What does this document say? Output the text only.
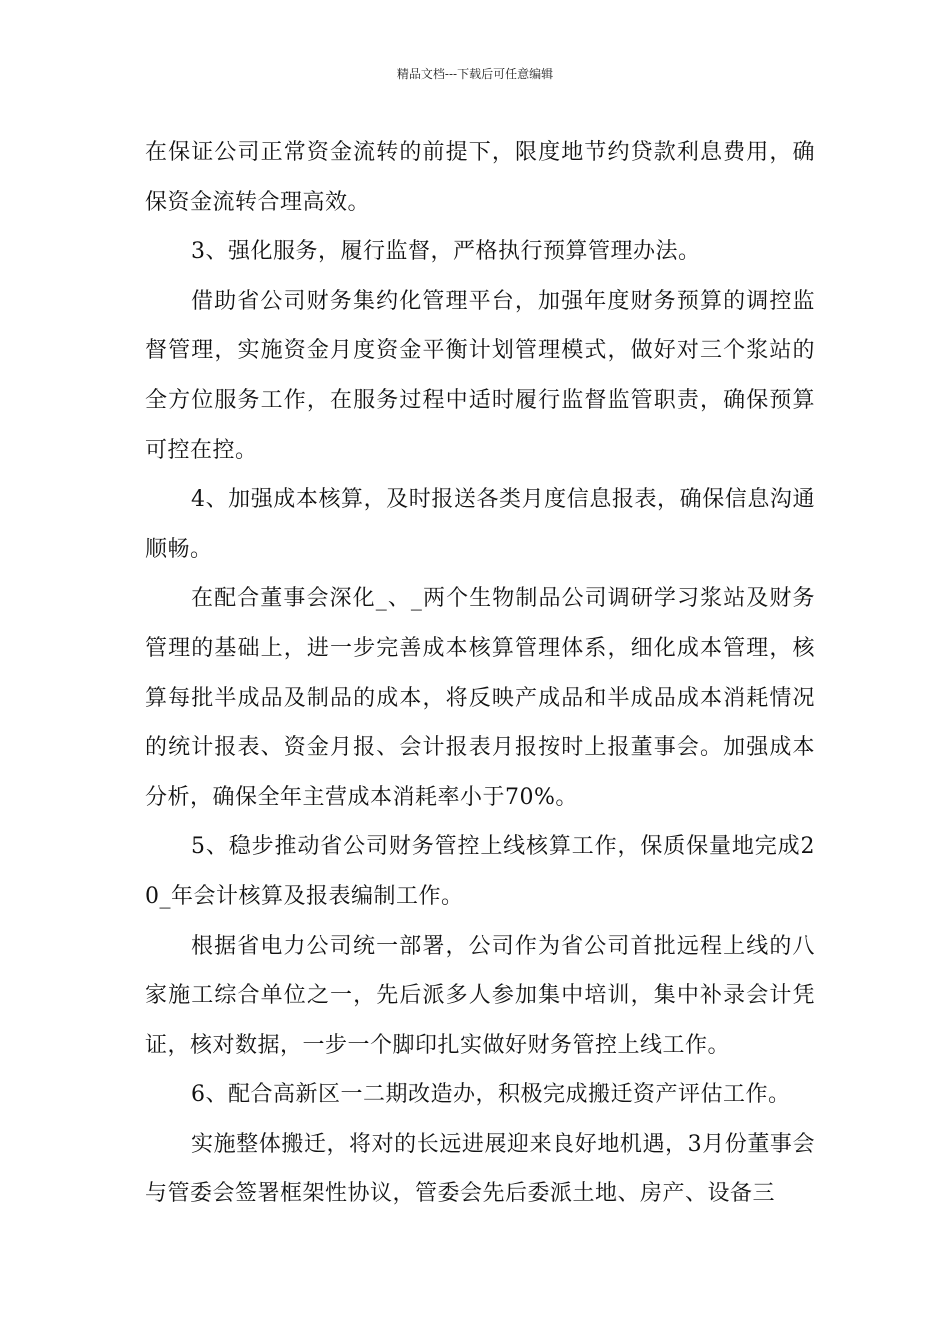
精品文档---下载后可任意编辑

在保证公司正常资金流转的前提下，限度地节约贷款利息费用，确保资金流转合理高效。

3、强化服务，履行监督，严格执行预算管理办法。

借助省公司财务集约化管理平台，加强年度财务预算的调控监督管理，实施资金月度资金平衡计划管理模式，做好对三个浆站的全方位服务工作，在服务过程中适时履行监督监管职责，确保预算可控在控。

4、加强成本核算，及时报送各类月度信息报表，确保信息沟通顺畅。

在配合董事会深化_、_两个生物制品公司调研学习浆站及财务管理的基础上，进一步完善成本核算管理体系，细化成本管理，核算每批半成品及制品的成本，将反映产成品和半成品成本消耗情况的统计报表、资金月报、会计报表月报按时上报董事会。加强成本分析，确保全年主营成本消耗率小于70%。

5、稳步推动省公司财务管控上线核算工作，保质保量地完成20_年会计核算及报表编制工作。

根据省电力公司统一部署，公司作为省公司首批远程上线的八家施工综合单位之一，先后派多人参加集中培训，集中补录会计凭证，核对数据，一步一个脚印扎实做好财务管控上线工作。

6、配合高新区一二期改造办，积极完成搬迁资产评估工作。

实施整体搬迁，将对的长远进展迎来良好地机遇，3月份董事会与管委会签署框架性协议，管委会先后委派土地、房产、设备三
